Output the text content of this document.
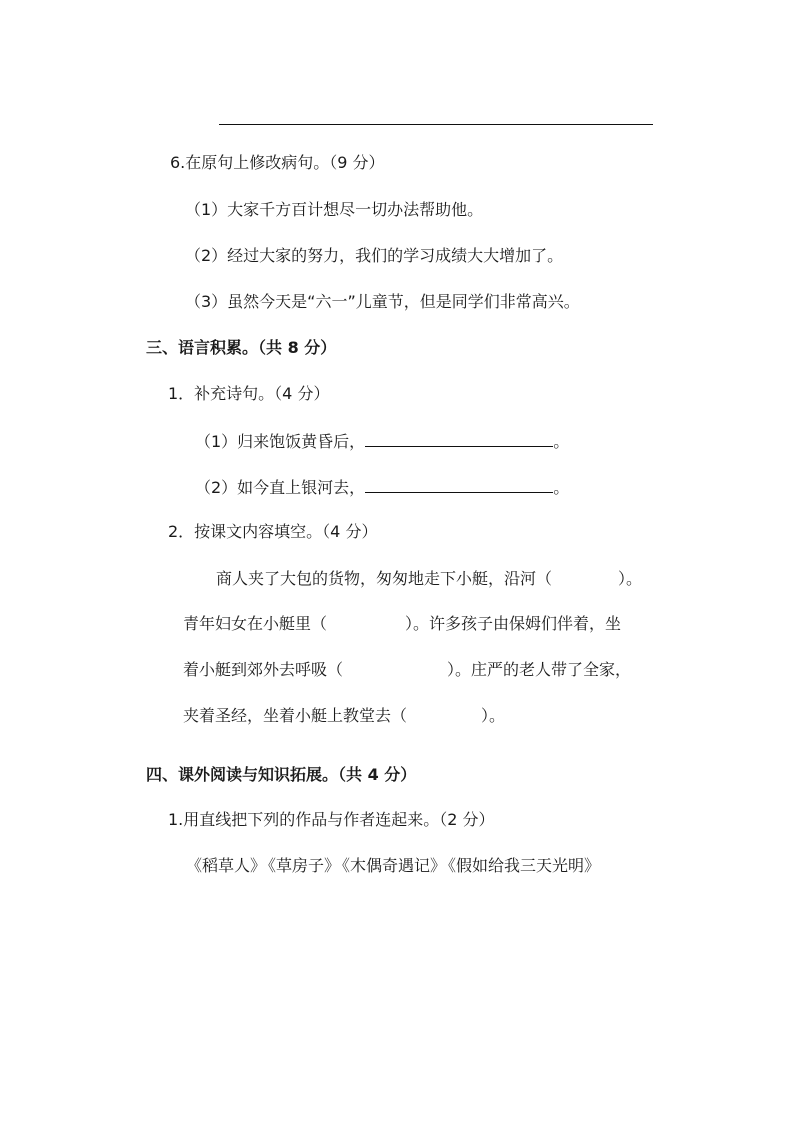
6.在原句上修改病句。（9 分）
（1）大家千方百计想尽一切办法帮助他。
（2）经过大家的努力，我们的学习成绩大大增加了。
（3）虽然今天是“六一”儿童节，但是同学们非常高兴。
三、语言积累。（共 8 分）
1．补充诗句。（4 分）
（1）归来饱饭黄昏后，	。
（2）如今直上银河去，	。
2．按课文内容填空。（4 分）
商人夹了大包的货物，匆匆地走下小艇，沿河（	）。
青年妇女在小艇里（	）。许多孩子由保姆们伴着，坐
着小艇到郊外去呼吸（	）。庄严的老人带了全家，
夹着圣经，坐着小艇上教堂去（	）。
四、课外阅读与知识拓展。（共 4 分）
1.用直线把下列的作品与作者连起来。（2 分）
《稻草人》 《草房子》 《木偶奇遇记》 《假如给我三天光明》
